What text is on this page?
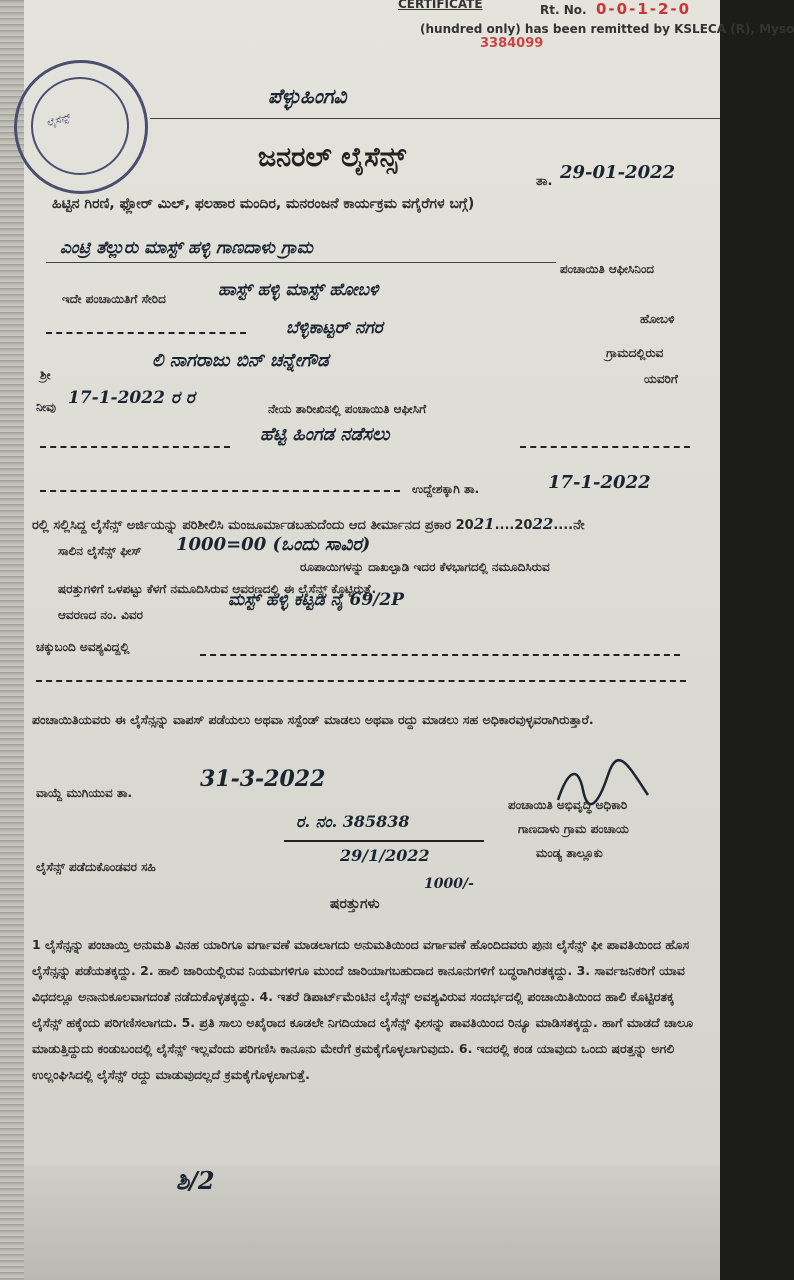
CERTIFICATE	Rt. No. 0-0-1-2-0
(hundred only) has been remitted by KSLECA (R), Myso
3384099
ಲೈಸೆನ್ಸ್
ಪೆಳ್ಳುಹಿಂಗವಿ
ಜನರಲ್ ಲೈಸೆನ್ಸ್
ತಾ. 29-01-2022
ಹಿಟ್ಟಿನ ಗಿರಣಿ, ಫ್ಲೋರ್ ಮಿಲ್, ಫಲಹಾರ ಮಂದಿರ, ಮನರಂಜನೆ ಕಾರ್ಯಕ್ರಮ ವಗೈರೆಗಳ ಬಗ್ಗೆ)
ಎಂಟ್ರಿ ತೆಲ್ಲುರು ಮಾಸ್ಟ್ ಹಳ್ಳಿ ಗಾಣದಾಳು ಗ್ರಾಮ
ಪಂಚಾಯಿತಿ ಆಫೀಸಿನಿಂದ
ಇದೇ ಪಂಚಾಯಿತಿಗೆ ಸೇರಿದ	ಹಾಸ್ಟ್ ಹಳ್ಳಿ ಮಾಸ್ಟ್ ಹೋಬಳಿ
ಹೋಬಳಿ
ಬೆಳ್ಳಿಕಾಟ್ಟರ್ ನಗರ
ಗ್ರಾಮದಲ್ಲಿರುವ
ಶ್ರೀ
ಲಿ ನಾಗರಾಜು ಬಿನ್ ಚನ್ನೇಗೌಡ
ಯವರಿಗೆ
ನೀವು 17-1-2022 ರ ರ
ನೇಯ ತಾರೀಖಿನಲ್ಲಿ ಪಂಚಾಯಿತಿ ಆಫೀಸಿಗೆ
ಹೆಟ್ಟಿ ಹಿಂಗಡ ನಡೆಸಲು
ಉದ್ದೇಶಕ್ಕಾಗಿ ತಾ.	17-1-2022
ರಲ್ಲಿ ಸಲ್ಲಿಸಿದ್ದ ಲೈಸೆನ್ಸ್ ಅರ್ಜಿಯನ್ನು ಪರಿಶೀಲಿಸಿ ಮಂಜೂರ್ಮಾಡಬಹುದೆಂದು ಆದ ತೀರ್ಮಾನದ ಪ್ರಕಾರ 2021....2022....ನೇ
ಸಾಲಿನ ಲೈಸೆನ್ಸ್ ಫೀಸ್ 1000=00 (ಒಂದು ಸಾವಿರ)
ರೂಪಾಯಿಗಳನ್ನು ದಾಖಲ್ಪಾಡಿ ಇದರ ಕೆಳಭಾಗದಲ್ಲಿ ನಮೂದಿಸಿರುವ
ಷರತ್ತುಗಳಿಗೆ ಒಳಪಟ್ಟು ಕೆಳಗೆ ನಮೂದಿಸಿರುವ ಆವರಣದಲ್ಲಿ ಈ ಲೈಸೆನ್ಸ್ ಕೊಟ್ಟಿರುತ್ತೆ.
ಆವರಣದ ನಂ. ವಿವರ
ಮಸ್ಟ್ ಹಳ್ಳಿ ಕಟ್ಟಡ ನೈ 69/2P
ಚಕ್ಕುಬಂದಿ ಅವಶ್ಯವಿದ್ದಲ್ಲಿ
ಪಂಚಾಯಿತಿಯವರು ಈ ಲೈಸೆನ್ಸನ್ನು ವಾಪಸ್ ಪಡೆಯಲು ಅಥವಾ ಸಸ್ಪೆಂಡ್ ಮಾಡಲು ಅಥವಾ ರದ್ದು ಮಾಡಲು ಸಹ ಅಧಿಕಾರವುಳ್ಳವರಾಗಿರುತ್ತಾರೆ.
ವಾಯ್ದೆ ಮುಗಿಯುವ ತಾ.
31-3-2022
ರ. ನಂ. 385838
29/1/2022
1000/-
ಪಂಚಾಯಿತಿ ಅಭಿವೃದ್ಧಿ ಅಧಿಕಾರಿ
ಗಾಣದಾಳು ಗ್ರಾಮ ಪಂಚಾಯ
ಮಂಡ್ಯ ತಾಲ್ಲೂಕು
ಲೈಸೆನ್ಸ್ ಪಡೆದುಕೊಂಡವರ ಸಹಿ
ಷರತ್ತುಗಳು
1 ಲೈಸೆನ್ಸನ್ನು ಪಂಚಾಯ್ತಿ ಅನುಮತಿ ವಿನಹ ಯಾರಿಗೂ ವರ್ಗಾವಣೆ ಮಾಡಲಾಗದು ಅನುಮತಿಯಿಂದ ವರ್ಗಾವಣೆ ಹೊಂದಿದವರು ಪುನಃ ಲೈಸೆನ್ಸ್ ಫೀ ಪಾವತಿಯಿಂದ ಹೊಸ ಲೈಸೆನ್ಸನ್ನು ಪಡೆಯತಕ್ಕದ್ದು. 2. ಹಾಲಿ ಜಾರಿಯಲ್ಲಿರುವ ನಿಯಮಗಳಿಗೂ ಮುಂದೆ ಜಾರಿಯಾಗಬಹುದಾದ ಕಾನೂನುಗಳಿಗೆ ಬದ್ಧರಾಗಿರತಕ್ಕದ್ದು. 3. ಸಾರ್ವಜನಿಕರಿಗೆ ಯಾವ ವಿಧದಲ್ಲೂ ಅನಾನುಕೂಲವಾಗದಂತೆ ನಡೆದುಕೊಳ್ಳತಕ್ಕದ್ದು. 4. ಇತರೆ ಡಿಪಾರ್ಟ್‌ಮೆಂಟಿನ ಲೈಸೆನ್ಸ್ ಅವಶ್ಯವಿರುವ ಸಂದರ್ಭದಲ್ಲಿ ಪಂಚಾಯಿತಿಯಿಂದ ಹಾಲಿ ಕೊಟ್ಟಿರತಕ್ಕ ಲೈಸೆನ್ಸ್ ಹಕ್ಕೆಂದು ಪರಿಗಣಿಸಲಾಗದು. 5. ಪ್ರತಿ ಸಾಲು ಅಖೈರಾದ ಕೂಡಲೇ ನಿಗದಿಯಾದ ಲೈಸೆನ್ಸ್ ಫೀಸನ್ನು ಪಾವತಿಯಿಂದ ರಿನ್ಯೂ ಮಾಡಿಸತಕ್ಕದ್ದು. ಹಾಗೆ ಮಾಡದೆ ಚಾಲೂ ಮಾಡುತ್ತಿದ್ದುದು ಕಂಡುಬಂದಲ್ಲಿ ಲೈಸೆನ್ಸ್ ಇಲ್ಲವೆಂದು ಪರಿಗಣಿಸಿ ಕಾನೂನು ಮೇರೆಗೆ ಕ್ರಮಕೈಗೊಳ್ಳಲಾಗುವುದು. 6. ಇದರಲ್ಲಿ ಕಂಡ ಯಾವುದು ಒಂದು ಷರತ್ತನ್ನು ಅಗಲಿ ಉಲ್ಲಂಘಿಸಿದಲ್ಲಿ ಲೈಸೆನ್ಸ್ ರದ್ದು ಮಾಡುವುದಲ್ಲದೆ ಕ್ರಮಕೈಗೊಳ್ಳಲಾಗುತ್ತೆ.
ಶಿ/2
